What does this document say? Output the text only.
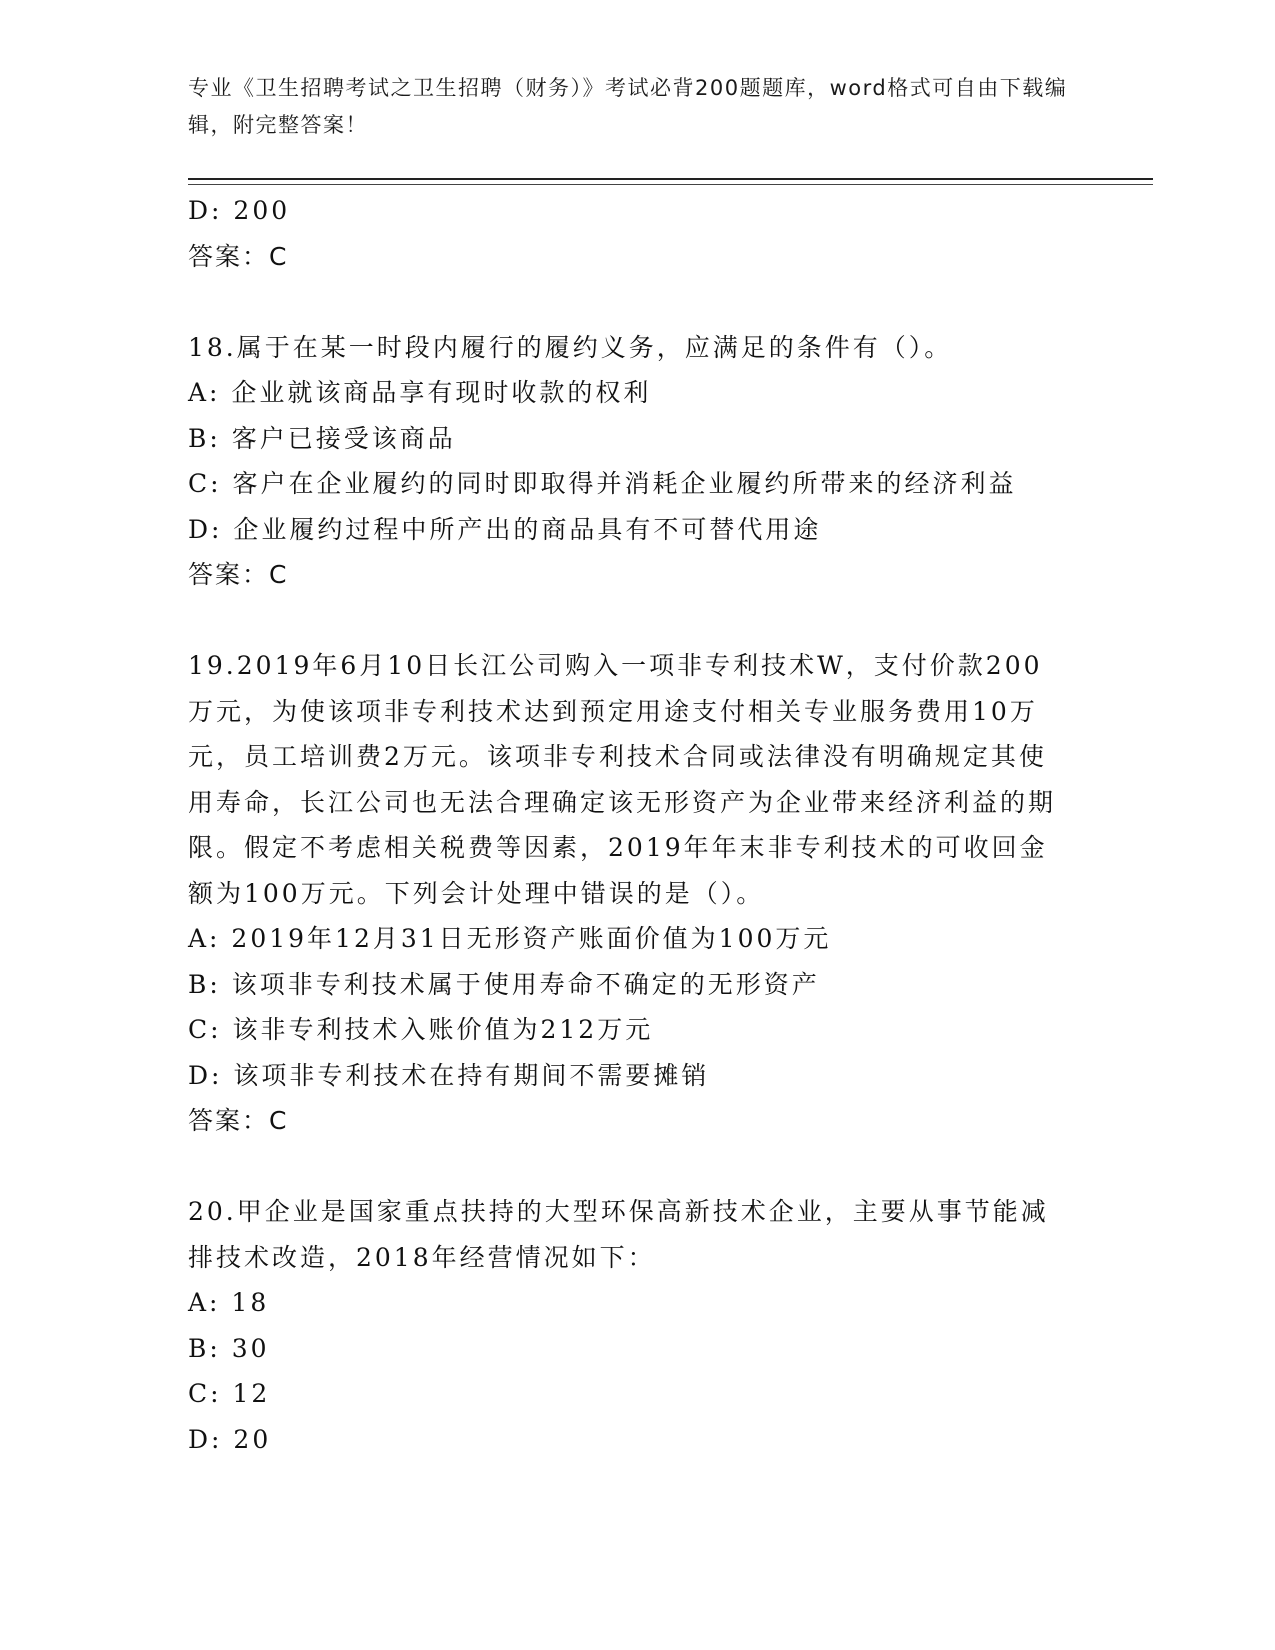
专业《卫生招聘考试之卫生招聘（财务）》考试必背200题题库，word格式可自由下载编辑，附完整答案！
D: 200
答案：C
18.属于在某一时段内履行的履约义务，应满足的条件有（）。
A: 企业就该商品享有现时收款的权利
B: 客户已接受该商品
C: 客户在企业履约的同时即取得并消耗企业履约所带来的经济利益
D: 企业履约过程中所产出的商品具有不可替代用途
答案：C
19.2019年6月10日长江公司购入一项非专利技术W，支付价款200万元，为使该项非专利技术达到预定用途支付相关专业服务费用10万元，员工培训费2万元。该项非专利技术合同或法律没有明确规定其使用寿命，长江公司也无法合理确定该无形资产为企业带来经济利益的期限。假定不考虑相关税费等因素，2019年年末非专利技术的可收回金额为100万元。下列会计处理中错误的是（）。
A: 2019年12月31日无形资产账面价值为100万元
B: 该项非专利技术属于使用寿命不确定的无形资产
C: 该非专利技术入账价值为212万元
D: 该项非专利技术在持有期间不需要摊销
答案：C
20.甲企业是国家重点扶持的大型环保高新技术企业，主要从事节能减排技术改造，2018年经营情况如下：
A: 18
B: 30
C: 12
D: 20
